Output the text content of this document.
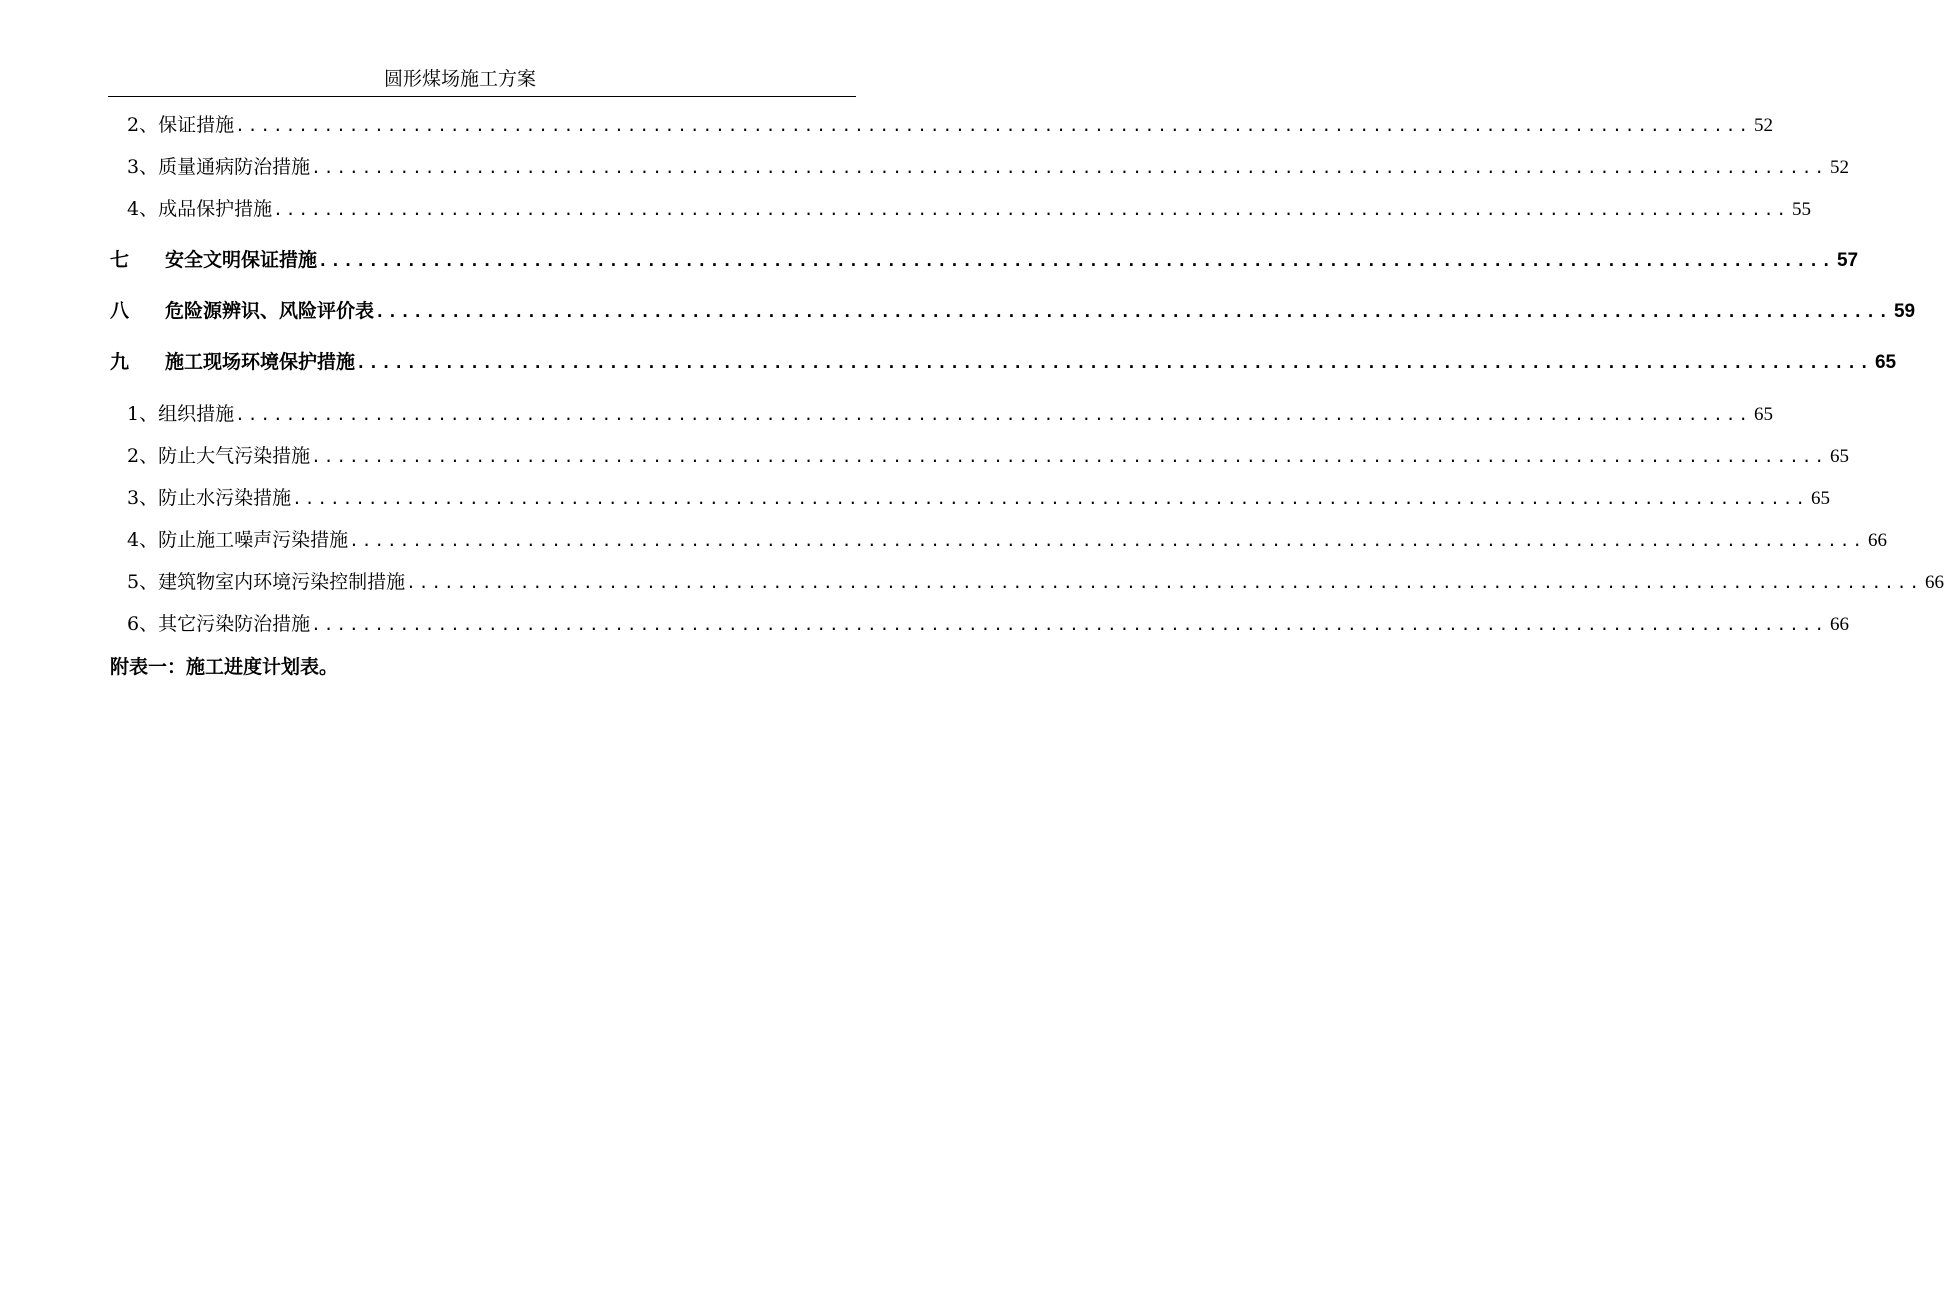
圆形煤场施工方案
2、 保证措施 ........................................................................................................................ 52
3、 质量通病防治措施 ........................................................................................................................ 52
4、 成品保护措施 ........................................................................................................................ 55
七	安全文明保证措施 ........................................................................................................................ 57
八	危险源辨识、风险评价表 ........................................................................................................................ 59
九	施工现场环境保护措施 ........................................................................................................................ 65
1、 组织措施 ........................................................................................................................ 65
2、 防止大气污染措施 ........................................................................................................................ 65
3、 防止水污染措施 ........................................................................................................................ 65
4、 防止施工噪声污染措施 ........................................................................................................................ 66
5、 建筑物室内环境污染控制措施 ........................................................................................................................ 66
6、 其它污染防治措施 ........................................................................................................................ 66
附表一：施工进度计划表。
